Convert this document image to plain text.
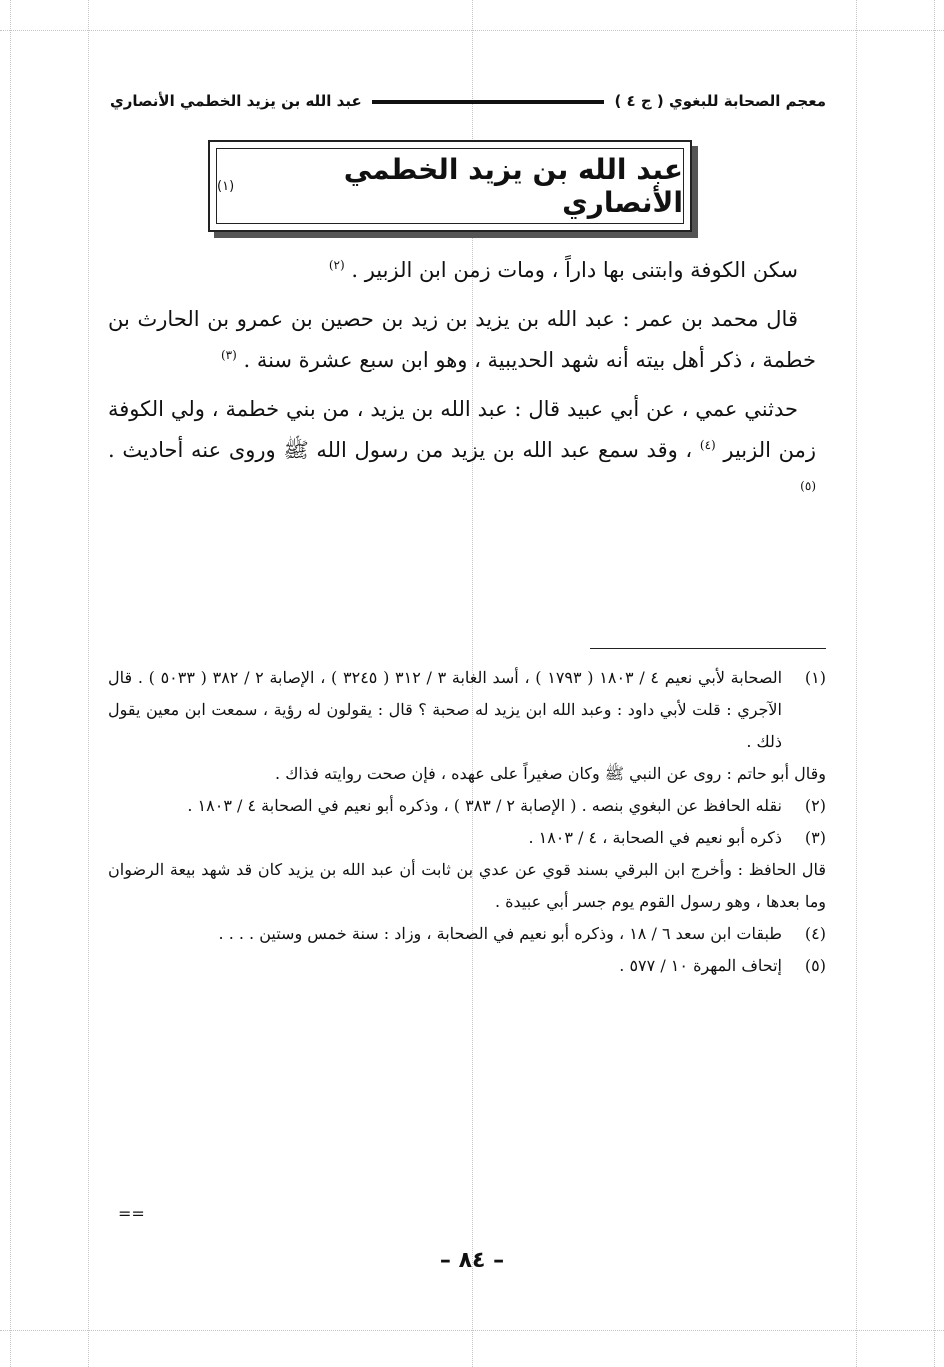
معجم الصحابة للبغوي ( ج ٤ )
عبد الله بن يزيد الخطمي الأنصاري
عبد الله بن يزيد الخطمي الأنصاري
(١)

سكن الكوفة وابتنى بها داراً ، ومات زمن ابن الزبير . $^{(٢)}$

قال محمد بن عمر : عبد الله بن يزيد بن زيد بن حصين بن عمرو بن الحارث بن خطمة ، ذكر أهل بيته أنه شهد الحديبية ، وهو ابن سبع عشرة سنة . $^{(٣)}$

حدثني عمي ، عن أبي عبيد قال : عبد الله بن يزيد ، من بني خطمة ، ولي الكوفة زمن الزبير $^{(٤)}$ ، وقد سمع عبد الله بن يزيد من رسول الله ﷺ وروى عنه أحاديث . $^{(٥)}$

(١)
الصحابة لأبي نعيم ٤ / ١٨٠٣ ( ١٧٩٣ ) ، أسد الغابة ٣ / ٣١٢ ( ٣٢٤٥ ) ، الإصابة ٢ / ٣٨٢ ( ٥٠٣٣ ) . قال الآجري : قلت لأبي داود : وعبد الله ابن يزيد له صحبة ؟ قال : يقولون له رؤية ، سمعت ابن معين يقول ذلك .
وقال أبو حاتم : روى عن النبي ﷺ وكان صغيراً على عهده ، فإن صحت روايته فذاك .
(٢)
نقله الحافظ عن البغوي بنصه . ( الإصابة ٢ / ٣٨٣ ) ، وذكره أبو نعيم في الصحابة ٤ / ١٨٠٣ .
(٣)
ذكره أبو نعيم في الصحابة ، ٤ / ١٨٠٣ .
قال الحافظ : وأخرج ابن البرقي بسند قوي عن عدي بن ثابت أن عبد الله بن يزيد كان قد شهد بيعة الرضوان وما بعدها ، وهو رسول القوم يوم جسر أبي عبيدة .
(٤)
طبقات ابن سعد ٦ / ١٨ ، وذكره أبو نعيم في الصحابة ، وزاد : سنة خمس وستين . . . .
(٥)
إتحاف المهرة ١٠ / ٥٧٧ .
==
– ٨٤ –
